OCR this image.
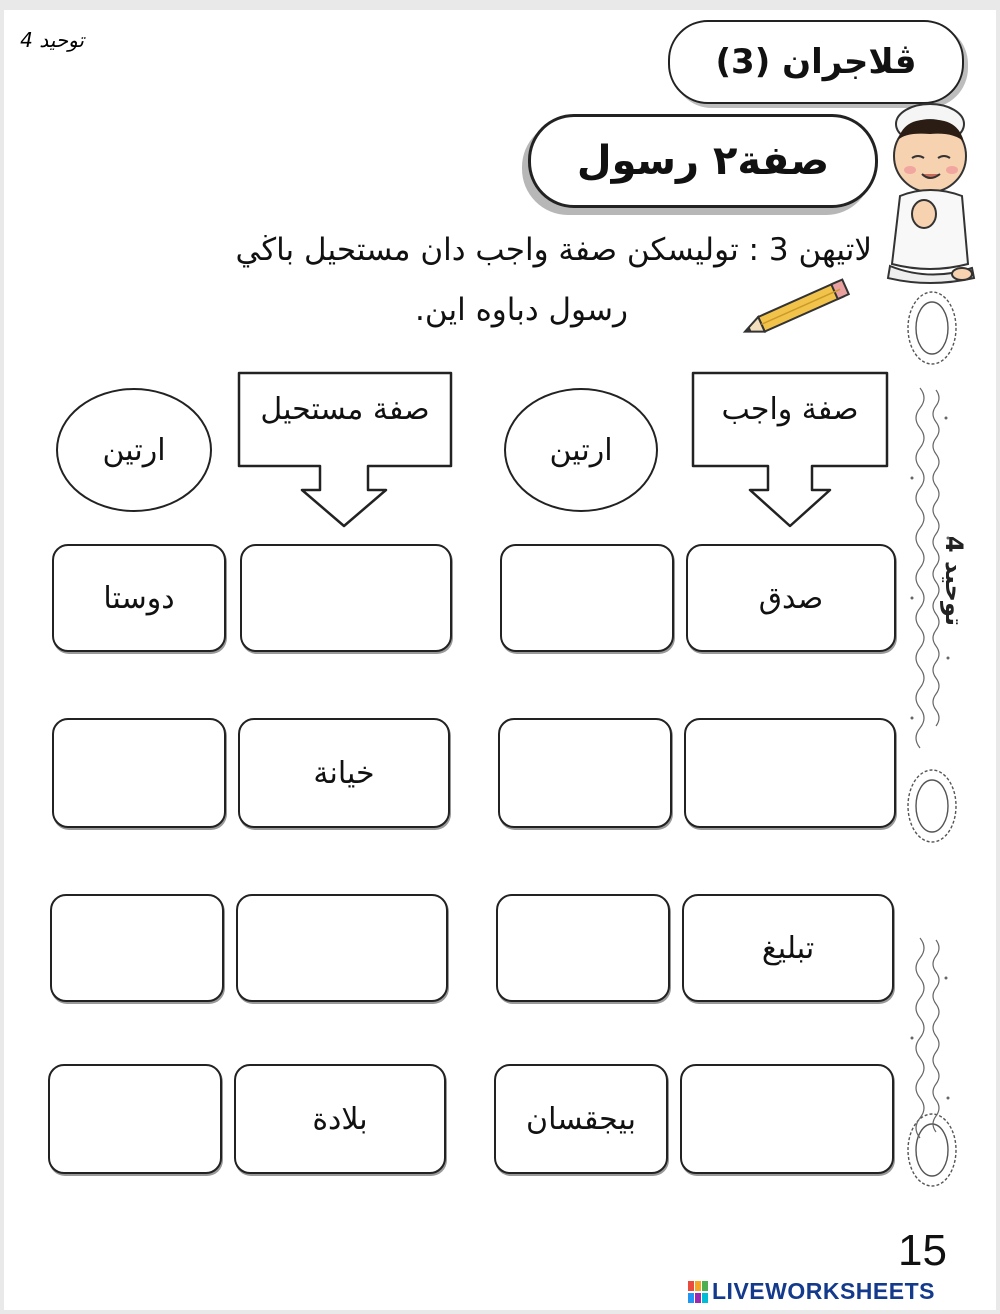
توحيد 4
ڤلاجران (3)
صفة٢ رسول
لاتيهن 3 : توليسكن صفة واجب دان مستحيل باڬي
رسول دباوه اين.
ارتين
صفة مستحيل
ارتين
صفة واجب
دوستا	صدق
خيانة
تبليغ
بلادة	بيجقسان
توحيد 4
15
LIVEWORKSHEETS
